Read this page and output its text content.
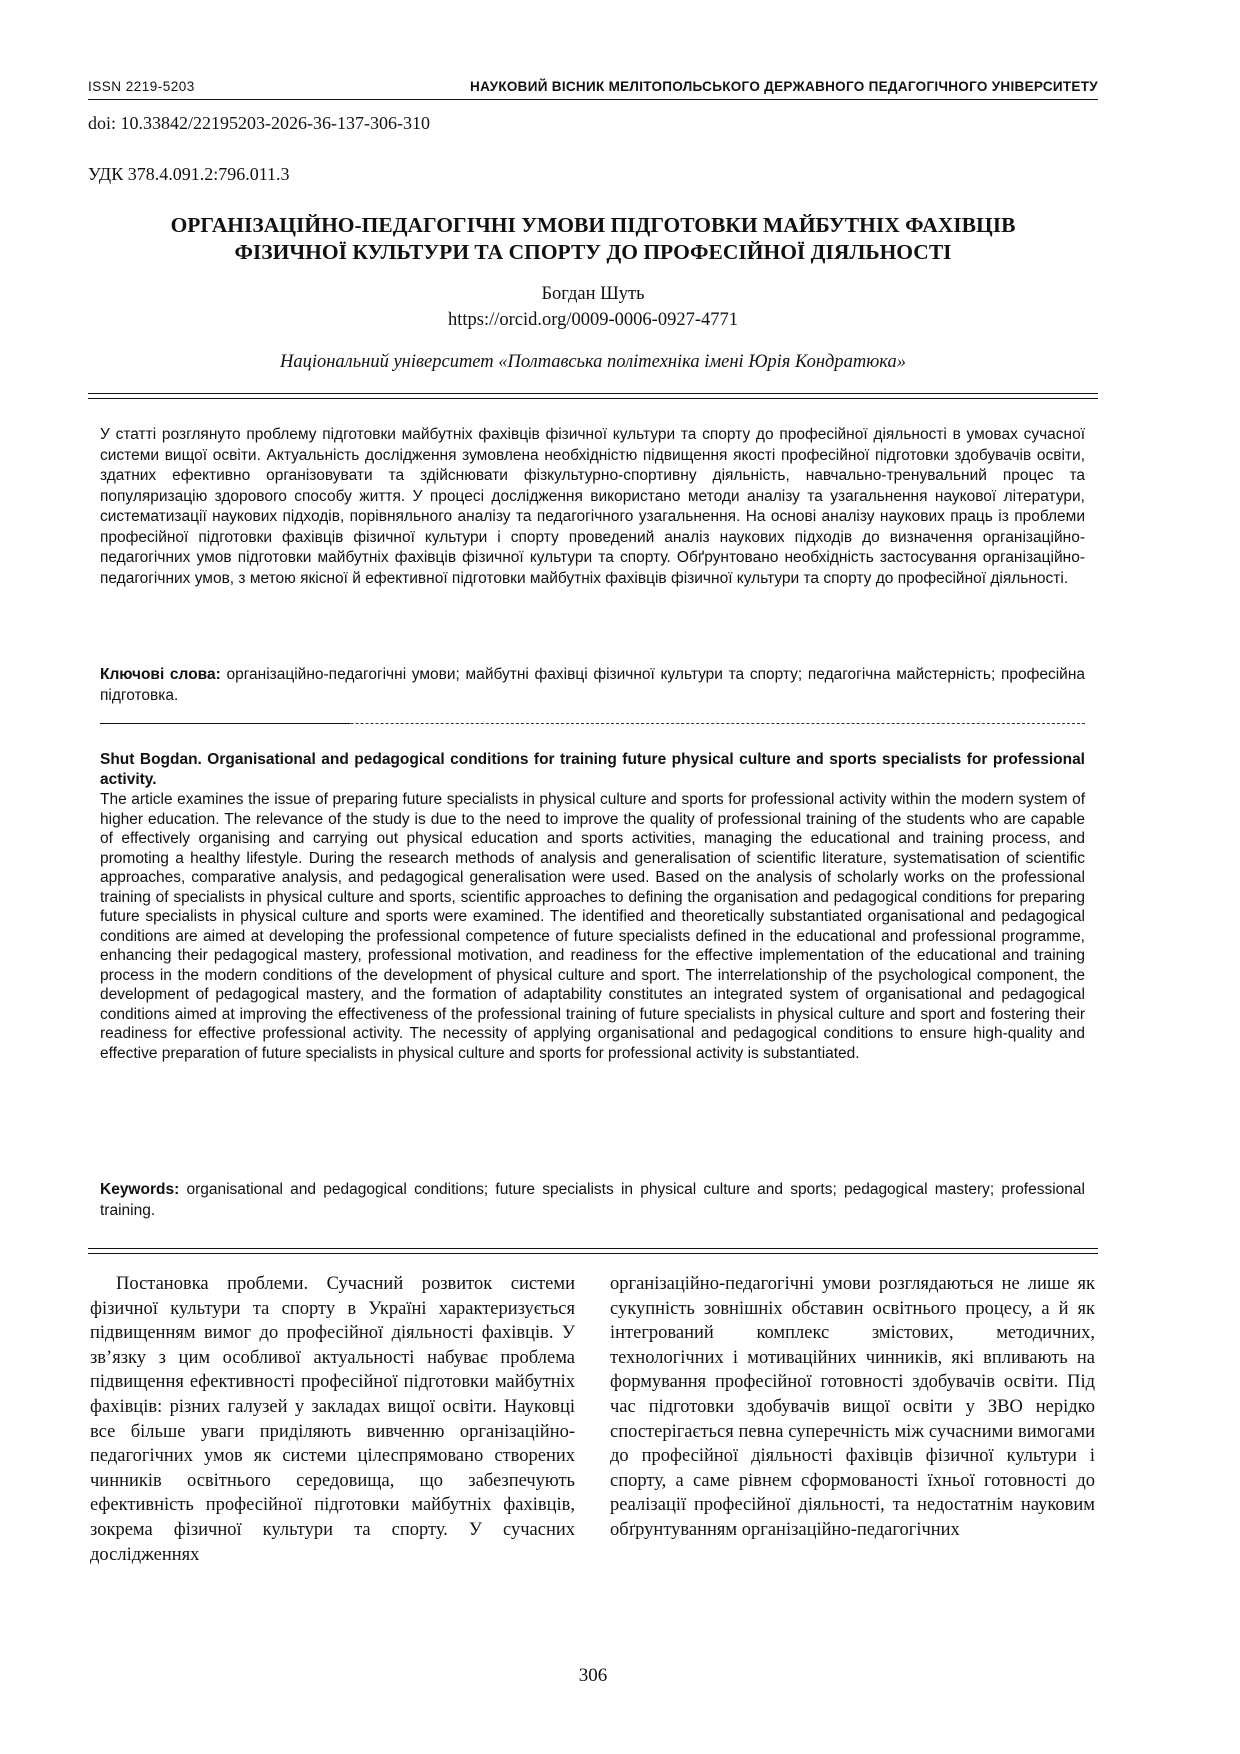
ISSN 2219-5203	НАУКОВИЙ ВІСНИК МЕЛІТОПОЛЬСЬКОГО ДЕРЖАВНОГО ПЕДАГОГІЧНОГО УНІВЕРСИТЕТУ
doi: 10.33842/22195203-2026-36-137-306-310
УДК 378.4.091.2:796.011.3
ОРГАНІЗАЦІЙНО-ПЕДАГОГІЧНІ УМОВИ ПІДГОТОВКИ МАЙБУТНІХ ФАХІВЦІВ
ФІЗИЧНОЇ КУЛЬТУРИ ТА СПОРТУ ДО ПРОФЕСІЙНОЇ ДІЯЛЬНОСТІ
Богдан Шуть
https://orcid.org/0009-0006-0927-4771
Національний університет «Полтавська політехніка імені Юрія Кондратюка»
У статті розглянуто проблему підготовки майбутніх фахівців фізичної культури та спорту до професійної діяльності в умовах сучасної системи вищої освіти. Актуальність дослідження зумовлена необхідністю підвищення якості професійної підготовки здобувачів освіти, здатних ефективно організовувати та здійснювати фізкультурно-спортивну діяльність, навчально-тренувальний процес та популяризацію здорового способу життя. У процесі дослідження використано методи аналізу та узагальнення наукової літератури, систематизації наукових підходів, порівняльного аналізу та педагогічного узагальнення. На основі аналізу наукових праць із проблеми професійної підготовки фахівців фізичної культури і спорту проведений аналіз наукових підходів до визначення організаційно-педагогічних умов підготовки майбутніх фахівців фізичної культури та спорту. Обґрунтовано необхідність застосування організаційно-педагогічних умов, з метою якісної й ефективної підготовки майбутніх фахівців фізичної культури та спорту до професійної діяльності.
Ключові слова: організаційно-педагогічні умови; майбутні фахівці фізичної культури та спорту; педагогічна майстерність; професійна підготовка.
Shut Bogdan. Organisational and pedagogical conditions for training future physical culture and sports specialists for professional activity.
The article examines the issue of preparing future specialists in physical culture and sports for professional activity within the modern system of higher education. The relevance of the study is due to the need to improve the quality of professional training of the students who are capable of effectively organising and carrying out physical education and sports activities, managing the educational and training process, and promoting a healthy lifestyle. During the research methods of analysis and generalisation of scientific literature, systematisation of scientific approaches, comparative analysis, and pedagogical generalisation were used. Based on the analysis of scholarly works on the professional training of specialists in physical culture and sports, scientific approaches to defining the organisation and pedagogical conditions for preparing future specialists in physical culture and sports were examined. The identified and theoretically substantiated organisational and pedagogical conditions are aimed at developing the professional competence of future specialists defined in the educational and professional programme, enhancing their pedagogical mastery, professional motivation, and readiness for the effective implementation of the educational and training process in the modern conditions of the development of physical culture and sport. The interrelationship of the psychological component, the development of pedagogical mastery, and the formation of adaptability constitutes an integrated system of organisational and pedagogical conditions aimed at improving the effectiveness of the professional training of future specialists in physical culture and sport and fostering their readiness for effective professional activity. The necessity of applying organisational and pedagogical conditions to ensure high-quality and effective preparation of future specialists in physical culture and sports for professional activity is substantiated.
Keywords: organisational and pedagogical conditions; future specialists in physical culture and sports; pedagogical mastery; professional training.
Постановка проблеми. Сучасний розвиток системи фізичної культури та спорту в Україні характеризується підвищенням вимог до професійної діяльності фахівців. У зв’язку з цим особливої актуальності набуває проблема підвищення ефективності професійної підготовки майбутніх фахівців: різних галузей у закладах вищої освіти. Науковці все більше уваги приділяють вивченню організаційно-педагогічних умов як системи цілеспрямовано створених чинників освітнього середовища, що забезпечують ефективність професійної підготовки майбутніх фахівців, зокрема фізичної культури та спорту. У сучасних дослідженнях
організаційно-педагогічні умови розглядаються не лише як сукупність зовнішніх обставин освітнього процесу, а й як інтегрований комплекс змістових, методичних, технологічних і мотиваційних чинників, які впливають на формування професійної готовності здобувачів освіти. Під час підготовки здобувачів вищої освіти у ЗВО нерідко спостерігається певна суперечність між сучасними вимогами до професійної діяльності фахівців фізичної культури і спорту, а саме рівнем сформованості їхньої готовності до реалізації професійної діяльності, та недостатнім науковим обґрунтуванням організаційно-педагогічних
306
